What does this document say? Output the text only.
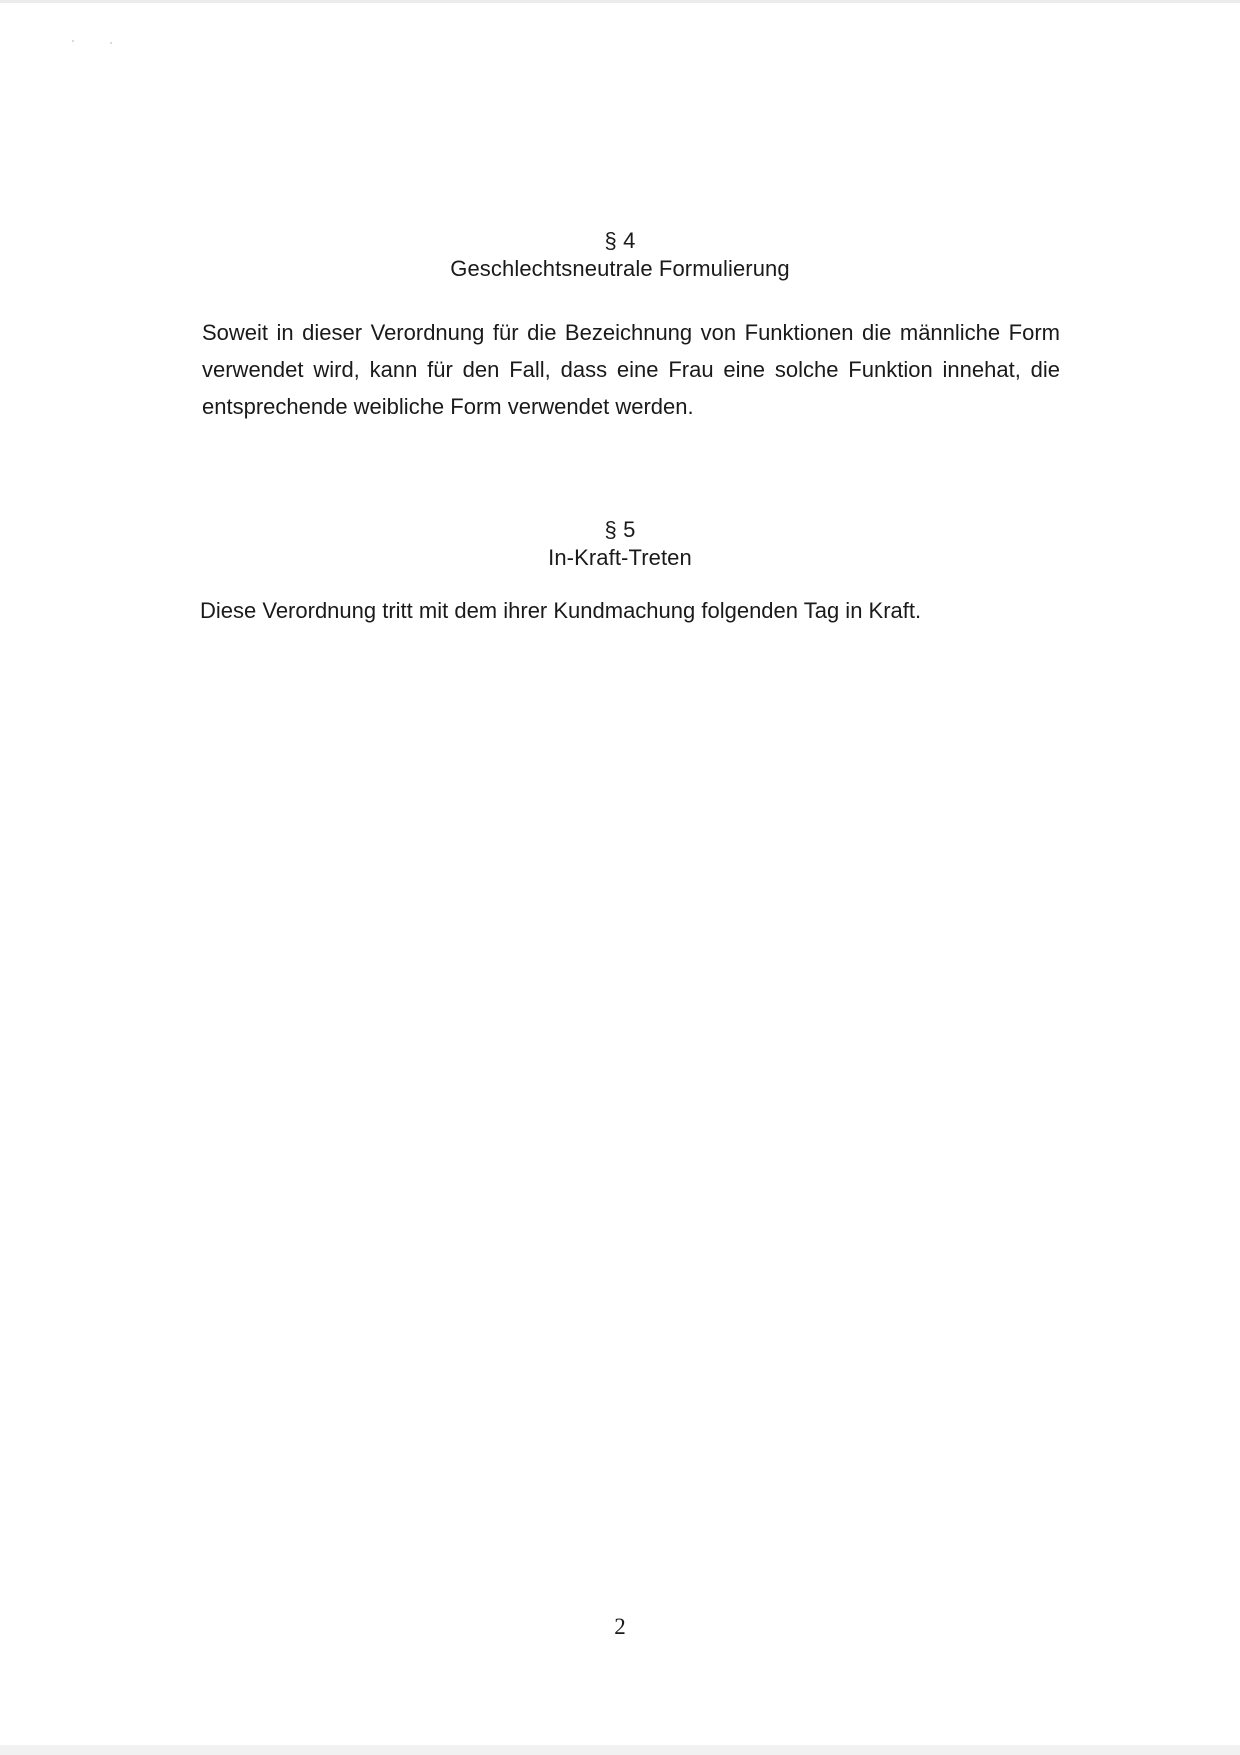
§ 4
Geschlechtsneutrale Formulierung

Soweit in dieser Verordnung für die Bezeichnung von Funktionen die männliche Form verwendet wird, kann für den Fall, dass eine Frau eine solche Funktion innehat, die entsprechende weibliche Form verwendet werden.

§ 5
In-Kraft-Treten

Diese Verordnung tritt mit dem ihrer Kundmachung folgenden Tag in Kraft.

2
